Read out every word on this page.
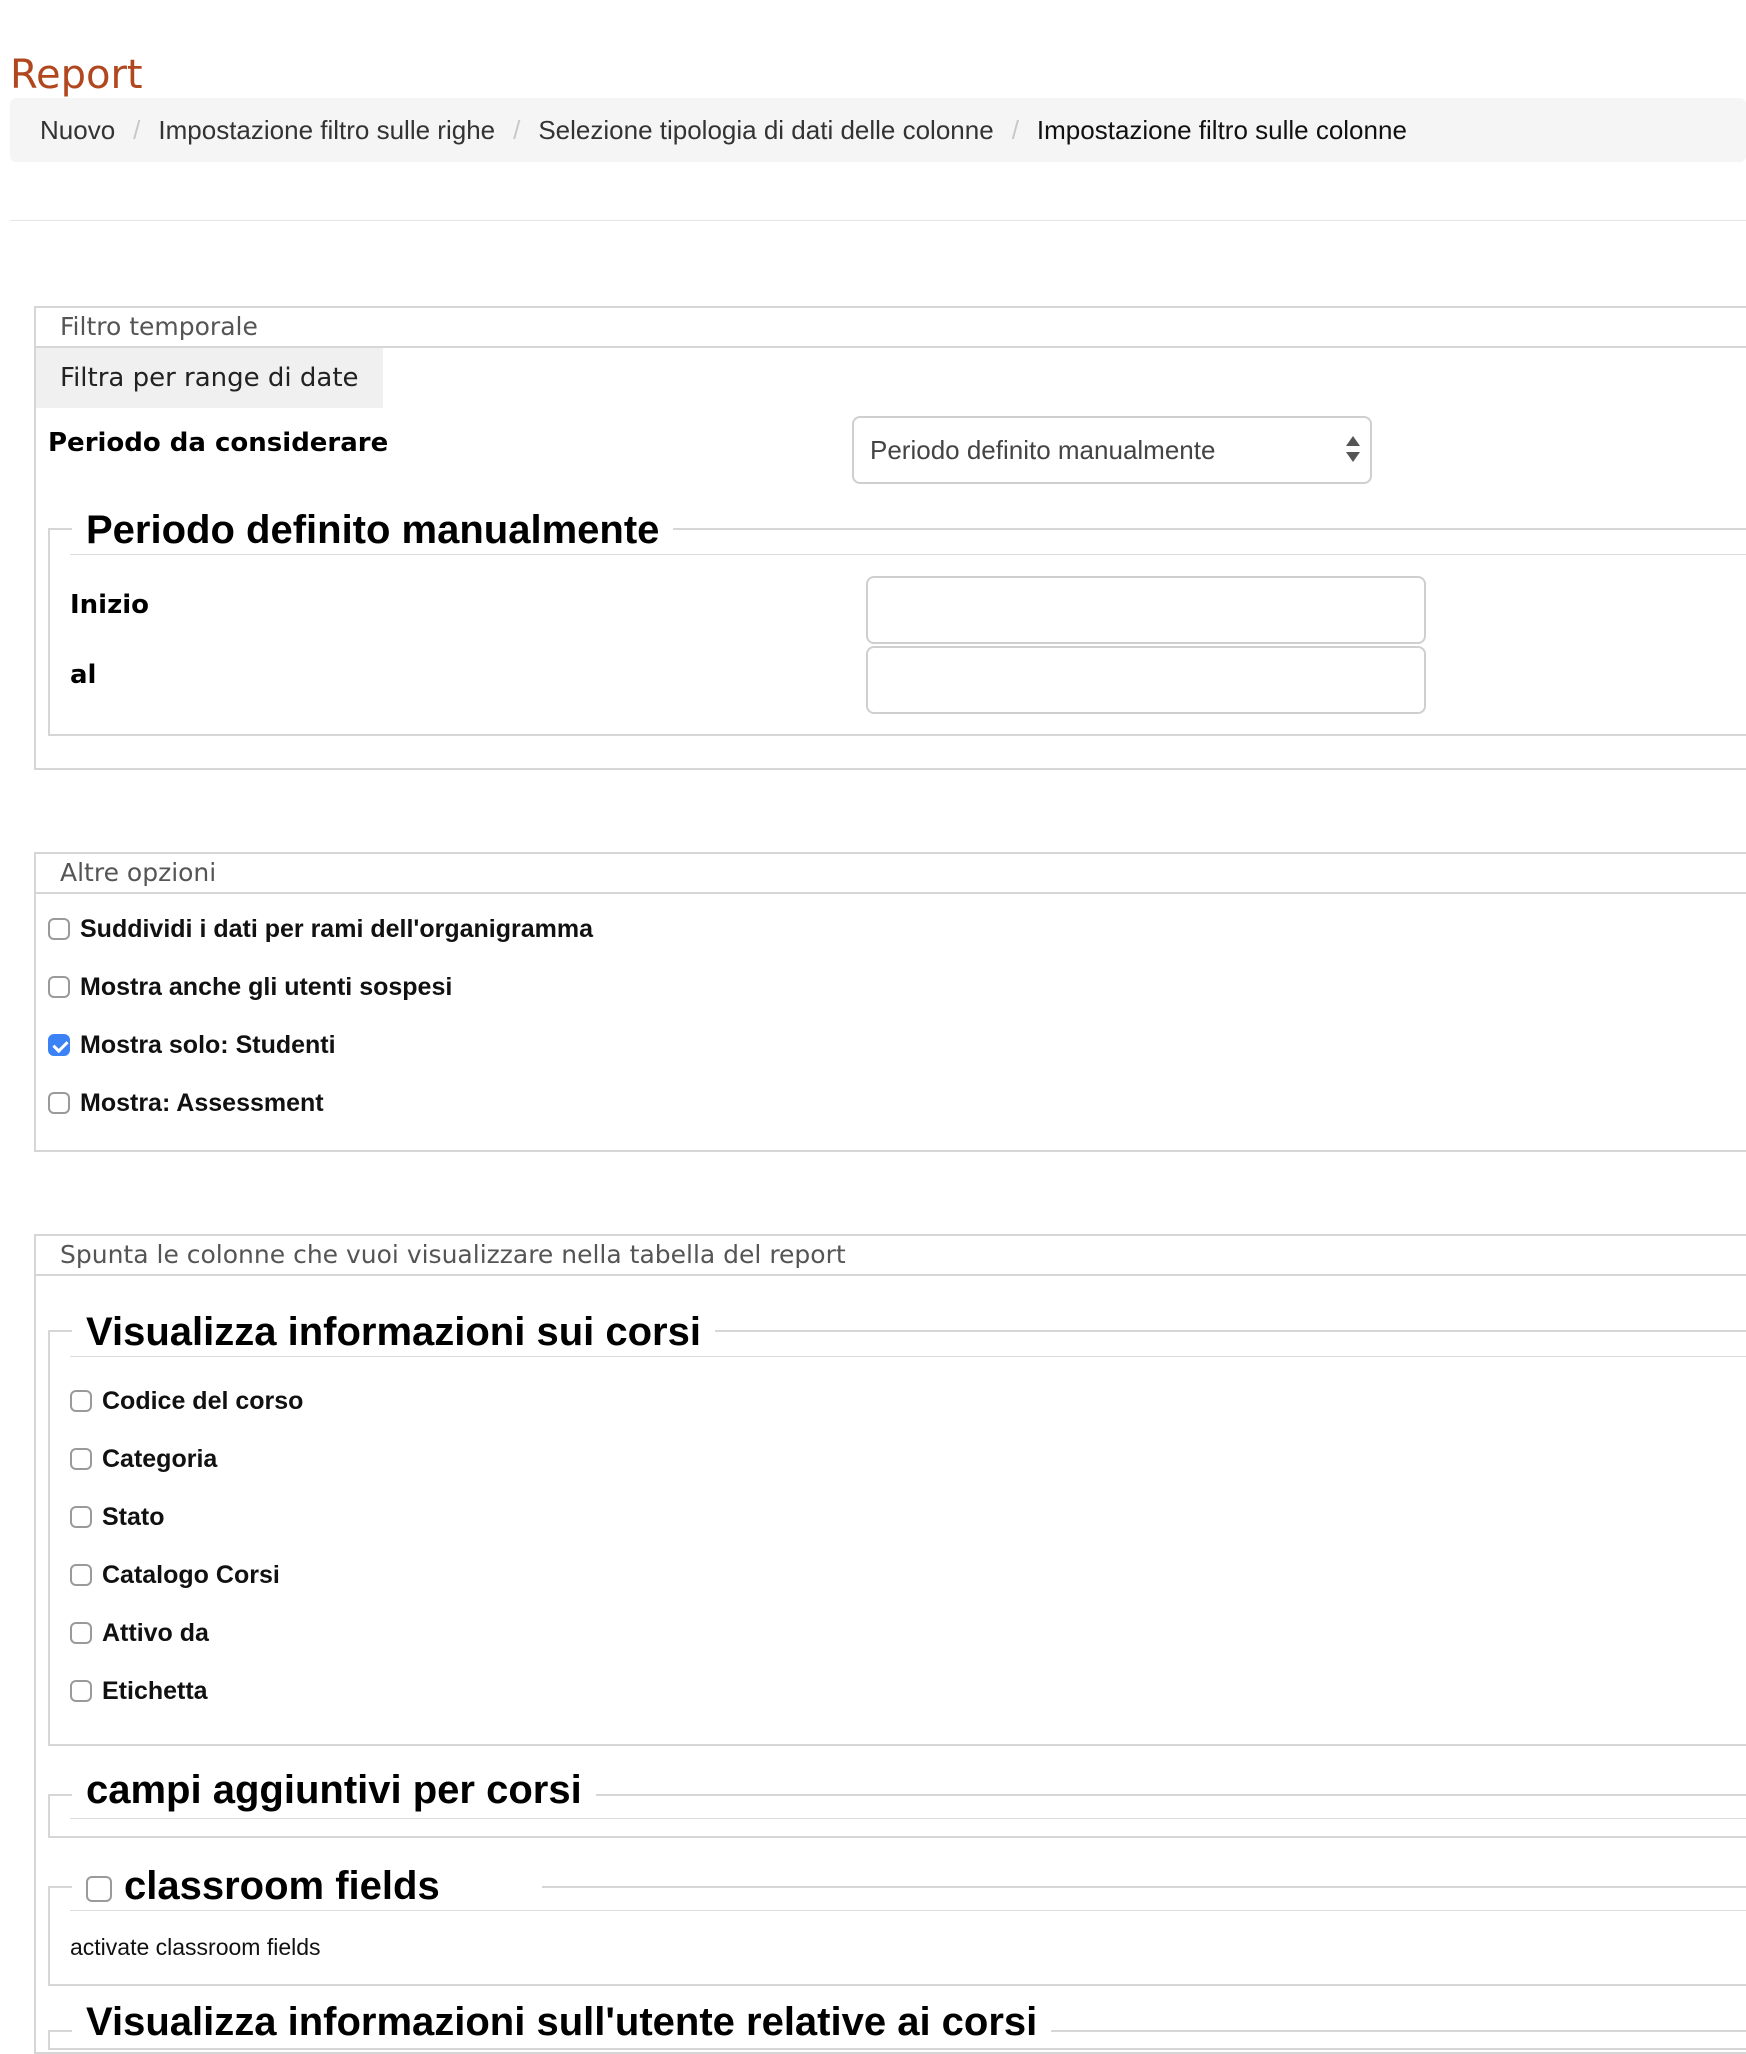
Report
Nuovo / Impostazione filtro sulle righe / Selezione tipologia di dati delle colonne / Impostazione filtro sulle colonne
Filtro temporale
Filtra per range di date
Periodo da considerare	Periodo definito manualmente
Periodo definito manualmente
Inizio
al
Altre opzioni
Suddividi i dati per rami dell'organigramma
Mostra anche gli utenti sospesi
Mostra solo: Studenti
Mostra: Assessment
Spunta le colonne che vuoi visualizzare nella tabella del report
Visualizza informazioni sui corsi
Codice del corso
Categoria
Stato
Catalogo Corsi
Attivo da
Etichetta
campi aggiuntivi per corsi
classroom fields
activate classroom fields
Visualizza informazioni sull'utente relative ai corsi
